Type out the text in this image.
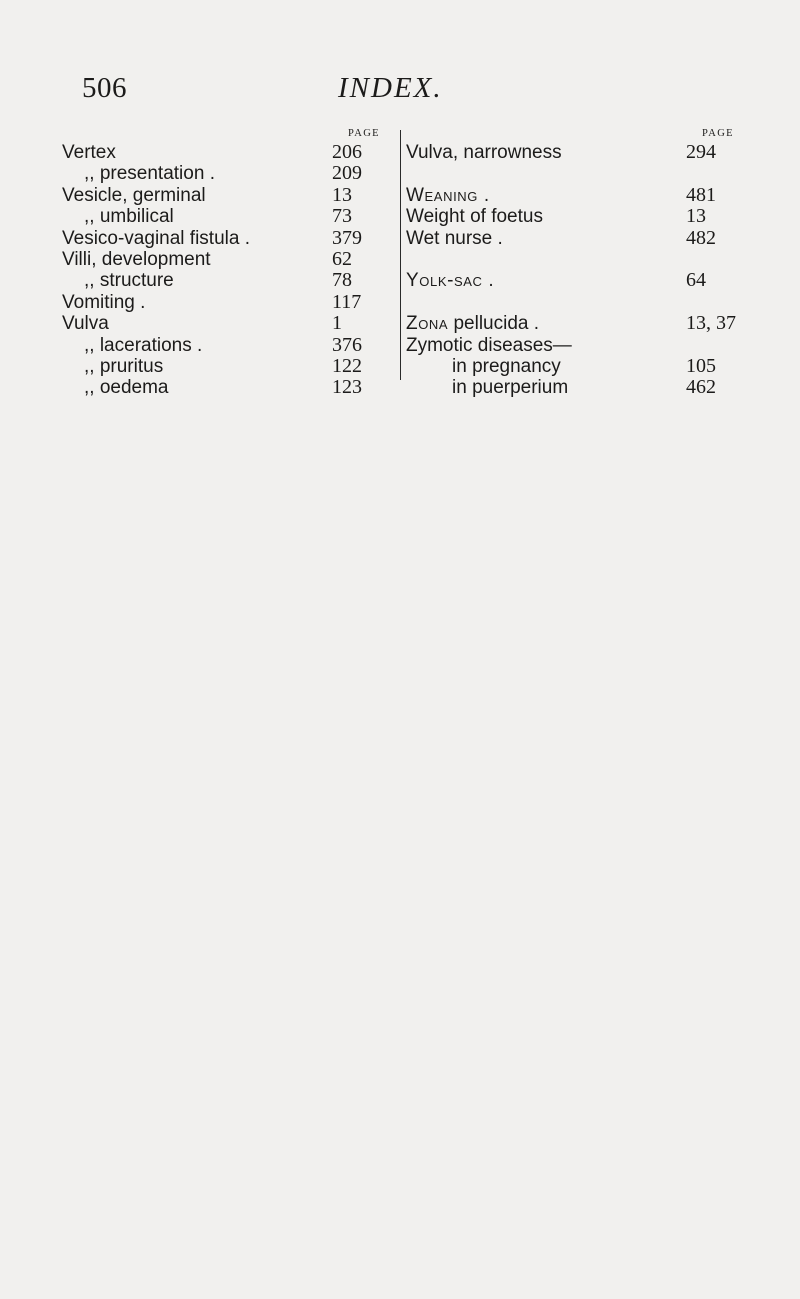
506	INDEX.
PAGE
Vertex	206
,, presentation .	209
Vesicle, germinal	13
,, umbilical	73
Vesico-vaginal fistula .	379
Villi, development	62
,, structure	78
Vomiting .	117
Vulva	1
,, lacerations .	376
,, pruritus	122
,, oedema	123
PAGE
Vulva, narrowness	294
Weaning .	481
Weight of foetus	13
Wet nurse .	482
Yolk-sac .	64
Zona pellucida .	13, 37
Zymotic diseases—
in pregnancy	105
in puerperium	462
